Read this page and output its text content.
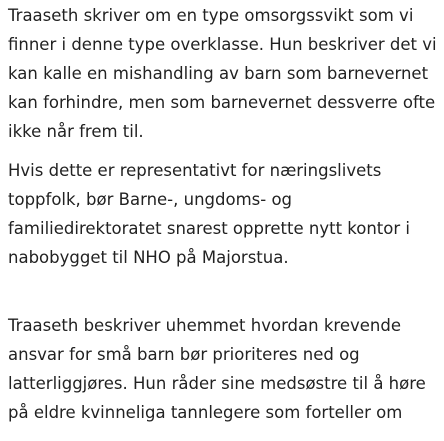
Traaseth skriver om en type omsorgssvikt som vi
finner i denne type overklasse. Hun beskriver det vi
kan kalle en mishandling av barn som barnevernet
kan forhindre, men som barnevernet dessverre ofte
ikke når frem til.

Hvis dette er representativt for næringslivets
toppfolk, bør Barne-, ungdoms- og
familiedirektoratet snarest opprette nytt kontor i
nabobygget til NHO på Majorstua.

Traaseth beskriver uhemmet hvordan krevende
ansvar for små barn bør prioriteres ned og
latterliggjøres. Hun råder sine medsøstre til å høre
på eldre kvinneliga tannlegere som forteller om
